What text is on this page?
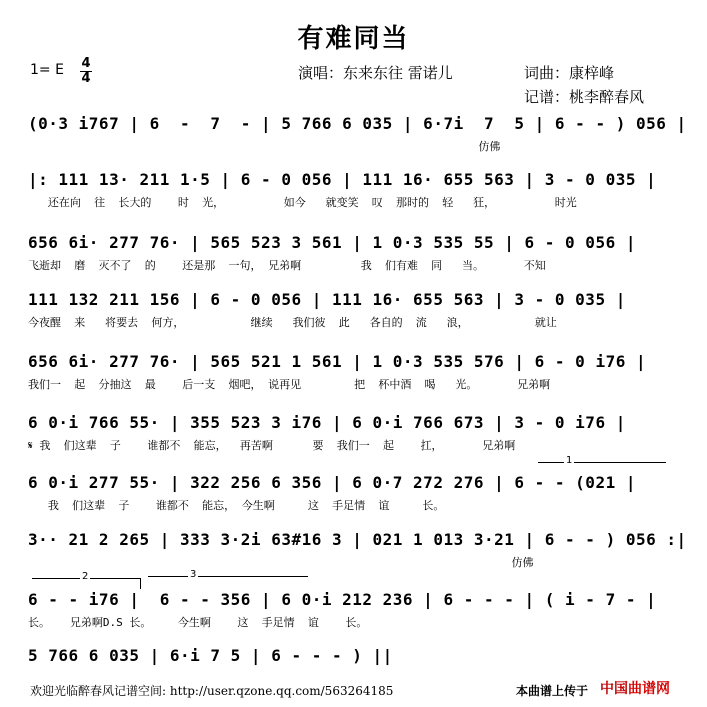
有难同当
1= E 4
4	演唱：东来东往 雷诺儿	词曲：康梓峰
记谱：桃李醉春风
(0·3 i767 | 6  -  7  - | 5 766 6 035 | 6·7i  7  5 | 6 - - ) 056 |
仿佛
|: 111 13· 211 1·5 | 6 - 0 056 | 111 16· 655 563 | 3 - 0 035 |
还在向  往  长大的    时  光，         如今   就变笑  叹  那时的  轻   狂，         时光
656 6i· 277 76· | 565 523 3 561 | 1 0·3 535 55 | 6 - 0 056 |
飞逝却  磨  灭不了  的    还是那  一句， 兄弟啊         我  们有难  同   当。      不知
111 132 211 156 | 6 - 0 056 | 111 16· 655 563 | 3 - 0 035 |
今夜醒  来   将要去  何方，          继续   我们彼  此   各自的  流   浪，          就让
656 6i· 277 76· | 565 521 1 561 | 1 0·3 535 576 | 6 - 0 i76 |
我们一  起  分抽这  最    后一支  烟吧， 说再见        把  杯中酒  喝   光。      兄弟啊
6 0·i 766 55· | 355 523 3 i76 | 6 0·i 766 673 | 3 - 0 i76 |
𝄋 我  们这辈  子    谁都不  能忘，  再苦啊      要  我们一  起    扛，      兄弟啊
1
6 0·i 277 55· | 322 256 6 356 | 6 0·7 272 276 | 6 - - (021 |
我  们这辈  子    谁都不  能忘， 今生啊     这  手足情  谊     长。
3·· 21 2 265 | 333 3·2i 63#16 3 | 021 1 013 3·21 | 6 - - ) 056 :|
仿佛
2	3
6 - - i76 |  6 - - 356 | 6 0·i 212 236 | 6 - - - | ( i - 7 - |
长。   兄弟啊D.S 长。    今生啊    这  手足情  谊    长。
5 766 6 035 | 6·i 7 5 | 6 - - - ) ||
欢迎光临醉春风记谱空间: http://user.qzone.qq.com/563264185	本曲谱上传于 中国曲谱网
